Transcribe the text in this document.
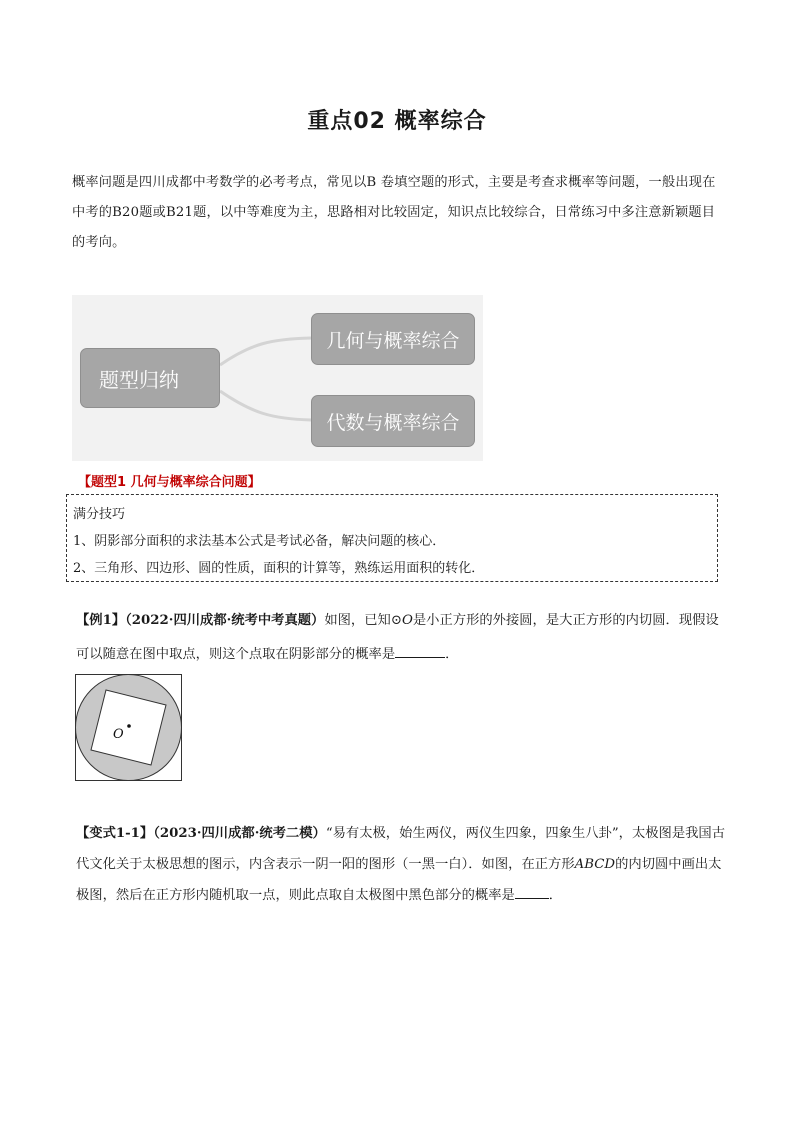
重点02 概率综合
概率问题是四川成都中考数学的必考考点，常见以B 卷填空题的形式，主要是考查求概率等问题，一般出现在中考的B20题或B21题，以中等难度为主，思路相对比较固定，知识点比较综合，日常练习中多注意新颖题目的考向。
题型归纳
几何与概率综合
代数与概率综合
【题型1 几何与概率综合问题】
满分技巧
1、阴影部分面积的求法基本公式是考试必备，解决问题的核心．
2、三角形、四边形、圆的性质，面积的计算等，熟练运用面积的转化．
【例1】（2022·四川成都·统考中考真题）如图，已知⊙O是小正方形的外接圆，是大正方形的内切圆．现假设可以随意在图中取点，则这个点取在阴影部分的概率是	．
O
【变式1-1】（2023·四川成都·统考二模）“易有太极，始生两仪，两仪生四象，四象生八卦”，太极图是我国古代文化关于太极思想的图示，内含表示一阴一阳的图形（一黑一白）．如图，在正方形ABCD的内切圆中画出太极图，然后在正方形内随机取一点，则此点取自太极图中黑色部分的概率是	．
